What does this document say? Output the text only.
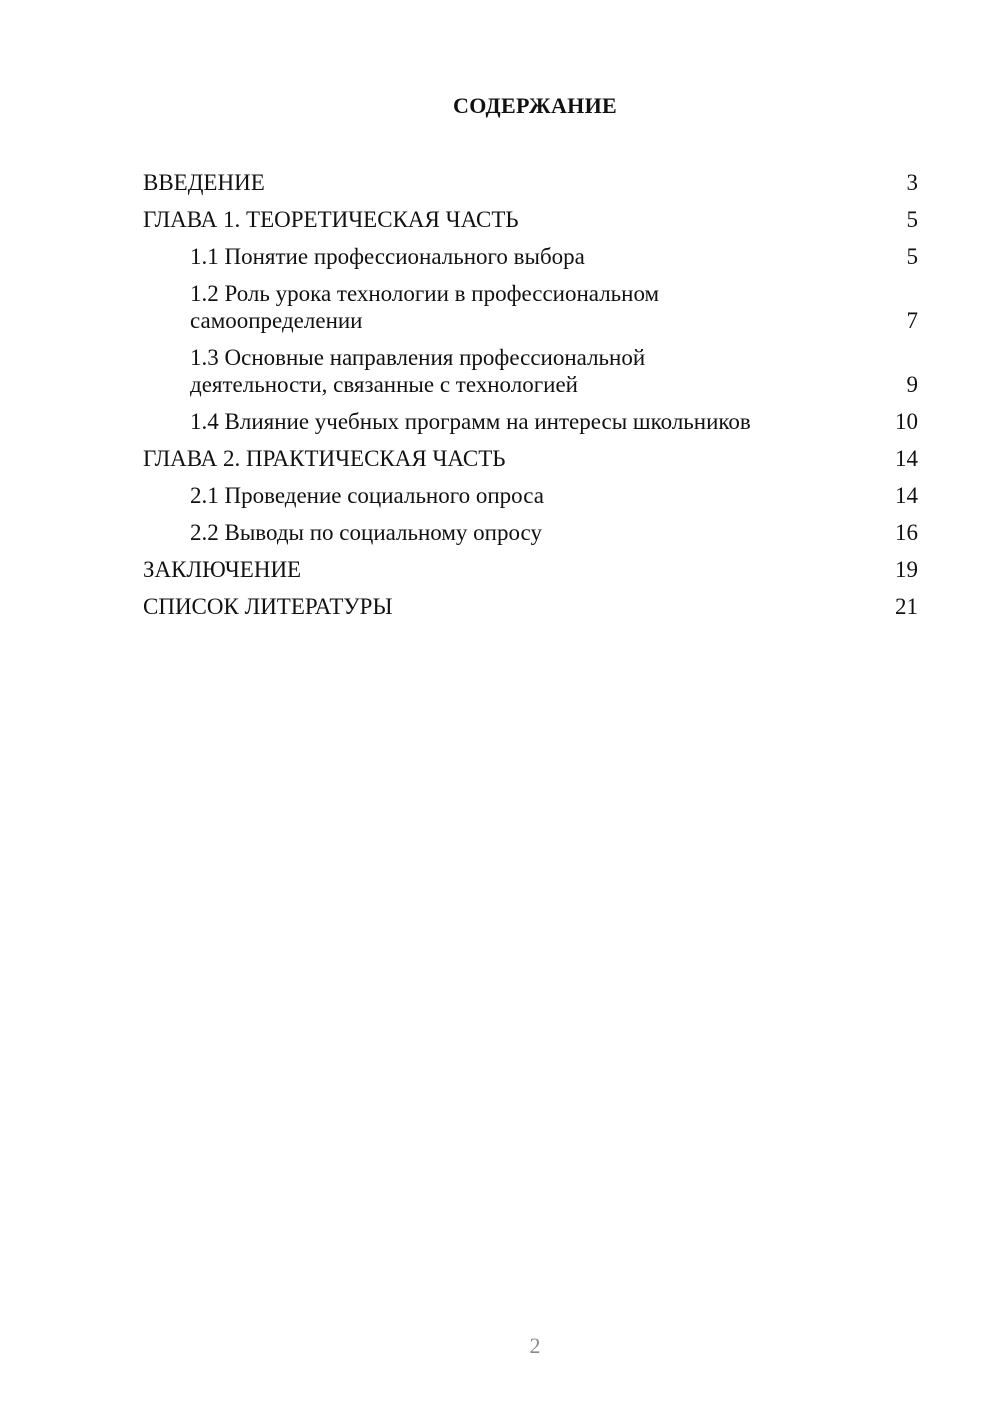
СОДЕРЖАНИЕ
ВВЕДЕНИЕ	3
ГЛАВА 1. ТЕОРЕТИЧЕСКАЯ ЧАСТЬ	5
1.1 Понятие профессионального выбора	5
1.2 Роль урока технологии в профессиональном самоопределении	7
1.3 Основные направления профессиональной деятельности, связанные с технологией	9
1.4 Влияние учебных программ на интересы школьников	10
ГЛАВА 2. ПРАКТИЧЕСКАЯ ЧАСТЬ	14
2.1 Проведение социального опроса	14
2.2 Выводы по социальному опросу	16
ЗАКЛЮЧЕНИЕ	19
СПИСОК ЛИТЕРАТУРЫ	21
2
